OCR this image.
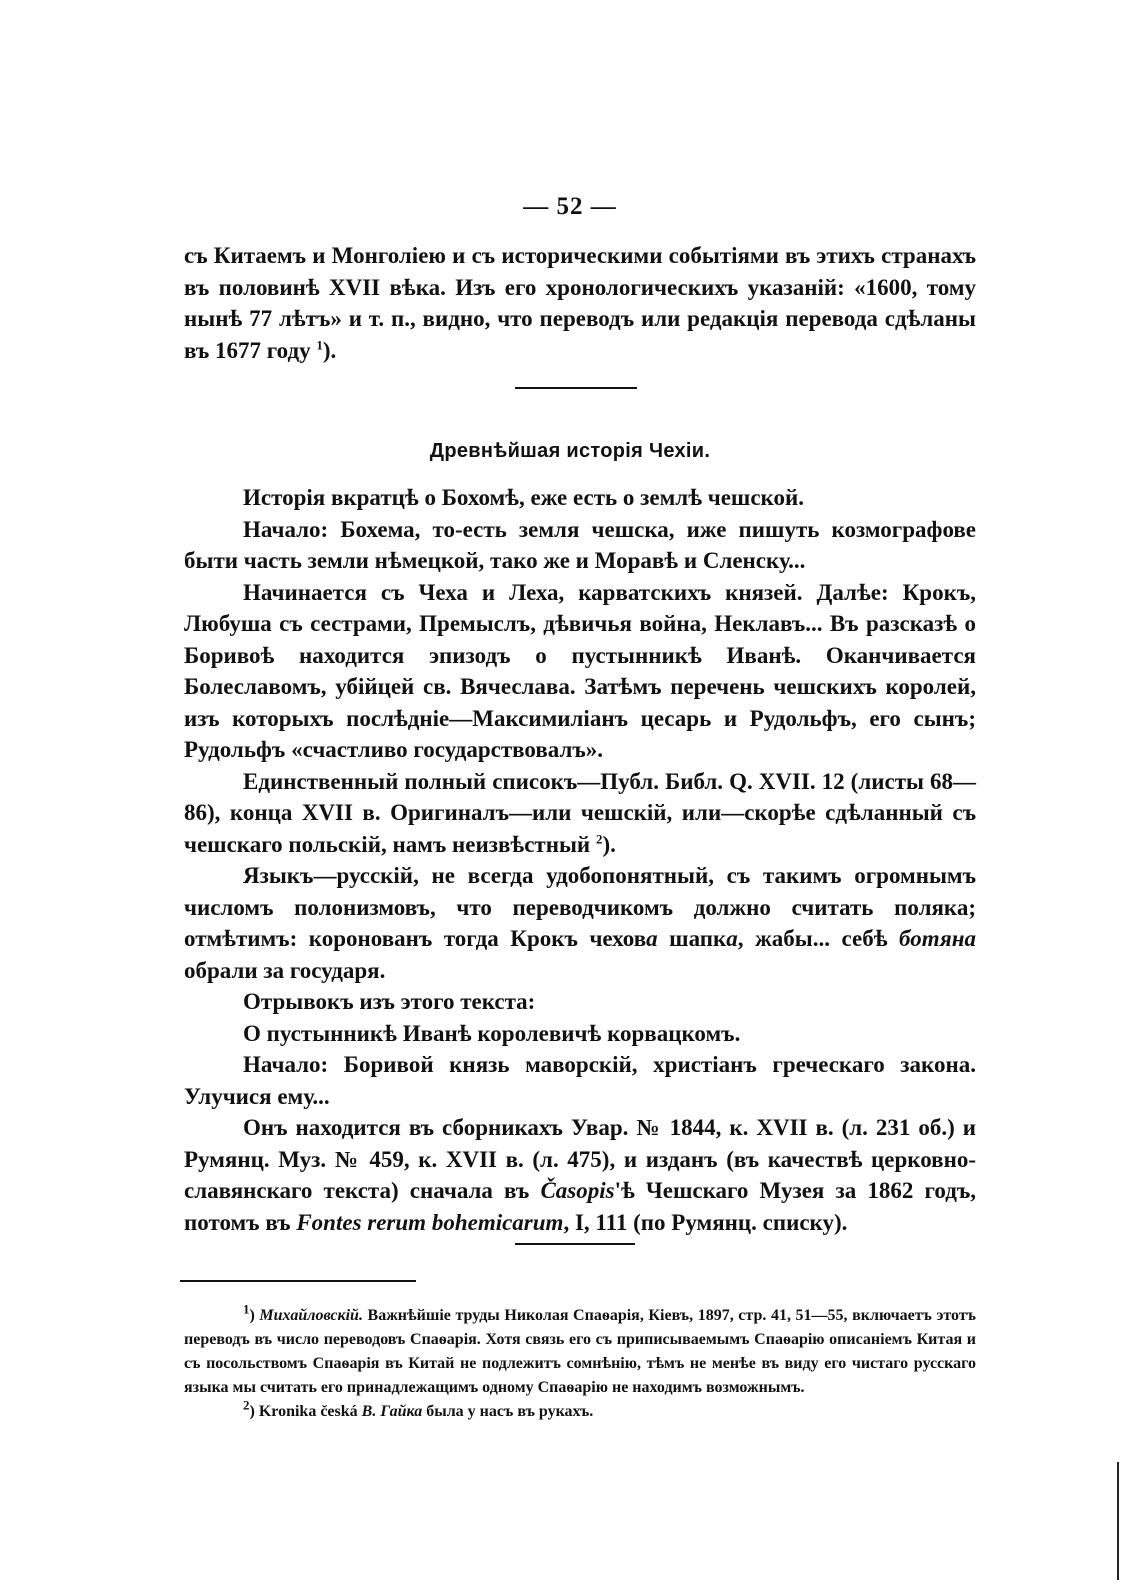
— 52 —

съ Китаемъ и Монголіею и съ историческими событіями въ этихъ странахъ въ половинѣ XVII вѣка. Изъ его хронологическихъ указаній: «1600, тому нынѣ 77 лѣтъ» и т. п., видно, что переводъ или редакція перевода сдѣланы въ 1677 году $^1$).

Древнѣйшая исторія Чехіи.

Исторія вкратцѣ о Бохомѣ, еже есть о землѣ чешской.

Начало: Бохема, то-есть земля чешска, иже пишуть козмографове быти часть земли нѣмецкой, тако же и Моравѣ и Сленску...

Начинается съ Чеха и Леха, карватскихъ князей. Далѣе: Крокъ, Любуша съ сестрами, Премыслъ, дѣвичья война, Неклавъ... Въ разсказѣ о Боривоѣ находится эпизодъ о пустынникѣ Иванѣ. Оканчивается Болеславомъ, убійцей св. Вячеслава. Затѣмъ перечень чешскихъ королей, изъ которыхъ послѣдніе—Максимиліанъ цесарь и Рудольфъ, его сынъ; Рудольфъ «счастливо государствовалъ».

Единственный полный списокъ—Публ. Библ. Q. XVII. 12 (листы 68—86), конца XVII в. Оригиналъ—или чешскій, или—скорѣе сдѣланный съ чешскаго польскій, намъ неизвѣстный $^2$).

Языкъ—русскій, не всегда удобопонятный, съ такимъ огромнымъ числомъ полонизмовъ, что переводчикомъ должно считать поляка; отмѣтимъ: коронованъ тогда Крокъ чехова шапка, жабы... себѣ ботяна обрали за государя.

Отрывокъ изъ этого текста:

О пустынникѣ Иванѣ королевичѣ корвацкомъ.

Начало: Боривой князь маворскій, христіанъ греческаго закона. Улучися ему...

Онъ находится въ сборникахъ Увар. № 1844, к. XVII в. (л. 231 об.) и Румянц. Муз. № 459, к. XVII в. (л. 475), и изданъ (въ качествѣ церковно-славянскаго текста) сначала въ Časopis'ѣ Чешскаго Музея за 1862 годъ, потомъ въ Fontes rerum bohemicarum, I, 111 (по Румянц. списку).

$^1$) Михайловскій. Важнѣйшіе труды Николая Спаѳарія, Кіевъ, 1897, стр. 41, 51—55, включаетъ этотъ переводъ въ число переводовъ Спаѳарія. Хотя связь его съ приписываемымъ Спаѳарію описаніемъ Китая и съ посольствомъ Спаѳарія въ Китай не подлежитъ сомнѣнію, тѣмъ не менѣе въ виду его чистаго русскаго языка мы считать его принадлежащимъ одному Спаѳарію не находимъ возможнымъ.

$^2$) Kronika česká В. Гайка была у насъ въ рукахъ.
